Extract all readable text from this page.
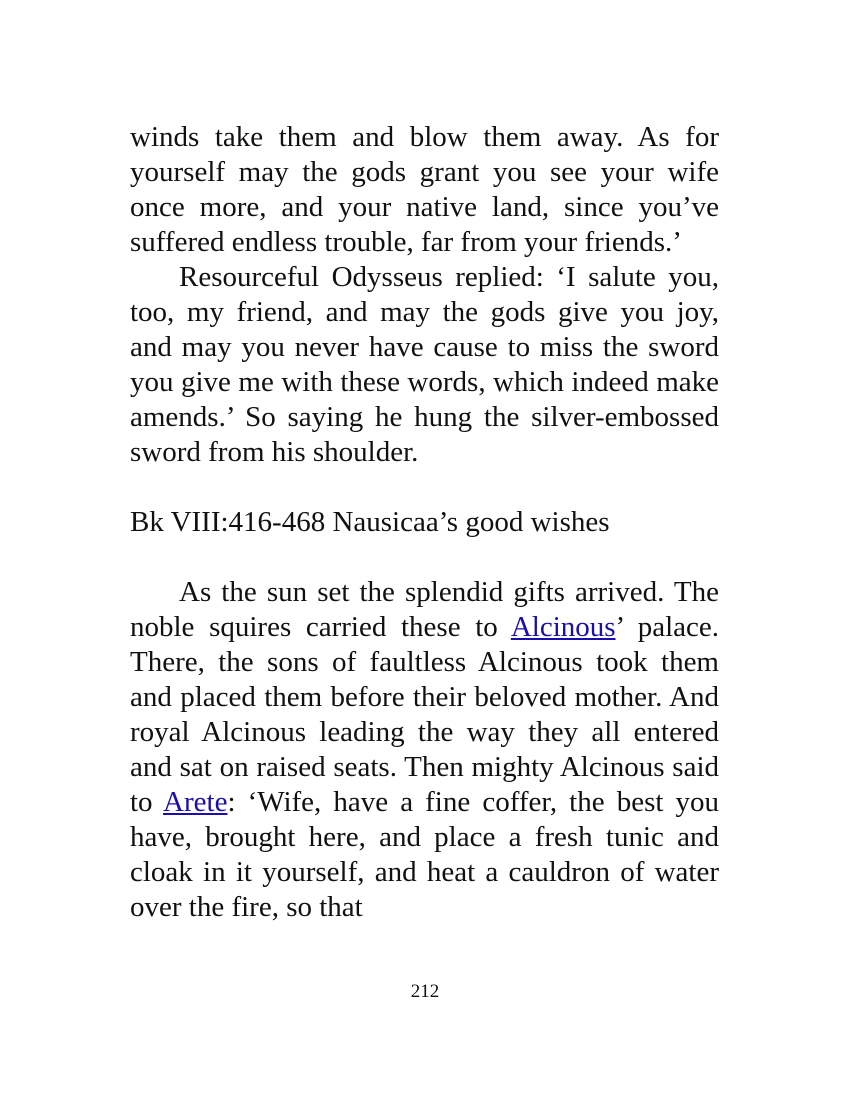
winds take them and blow them away. As for yourself may the gods grant you see your wife once more, and your native land, since you’ve suffered endless trouble, far from your friends.’

Resourceful Odysseus replied: ‘I salute you, too, my friend, and may the gods give you joy, and may you never have cause to miss the sword you give me with these words, which indeed make amends.’ So saying he hung the silver-embossed sword from his shoulder.

Bk VIII:416-468 Nausicaa’s good wishes

As the sun set the splendid gifts arrived. The noble squires carried these to Alcinous’ palace. There, the sons of faultless Alcinous took them and placed them before their beloved mother. And royal Alcinous leading the way they all entered and sat on raised seats. Then mighty Alcinous said to Arete: ‘Wife, have a fine coffer, the best you have, brought here, and place a fresh tunic and cloak in it yourself, and heat a cauldron of water over the fire, so that

212
